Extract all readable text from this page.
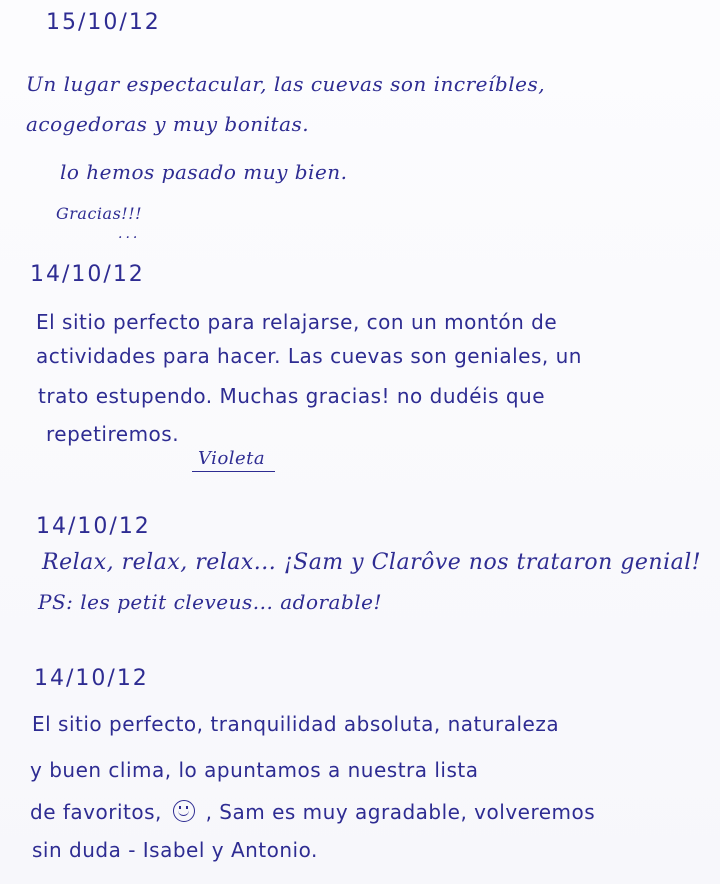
15/10/12
Un lugar espectacular, las cuevas son increíbles,
acogedoras y muy bonitas.
lo hemos pasado muy bien.
Gracias!!!
...
14/10/12
El sitio perfecto para relajarse, con un montón de
actividades para hacer. Las cuevas son geniales, un
trato estupendo. Muchas gracias! no dudéis que
repetiremos.
Violeta
14/10/12
Relax, relax, relax... ¡Sam y Clarôve nos trataron genial!
PS: les petit cleveus... adorable!
14/10/12
El sitio perfecto, tranquilidad absoluta, naturaleza
y buen clima, lo apuntamos a nuestra lista
de favoritos, , Sam es muy agradable, volveremos
sin duda - Isabel y Antonio.
